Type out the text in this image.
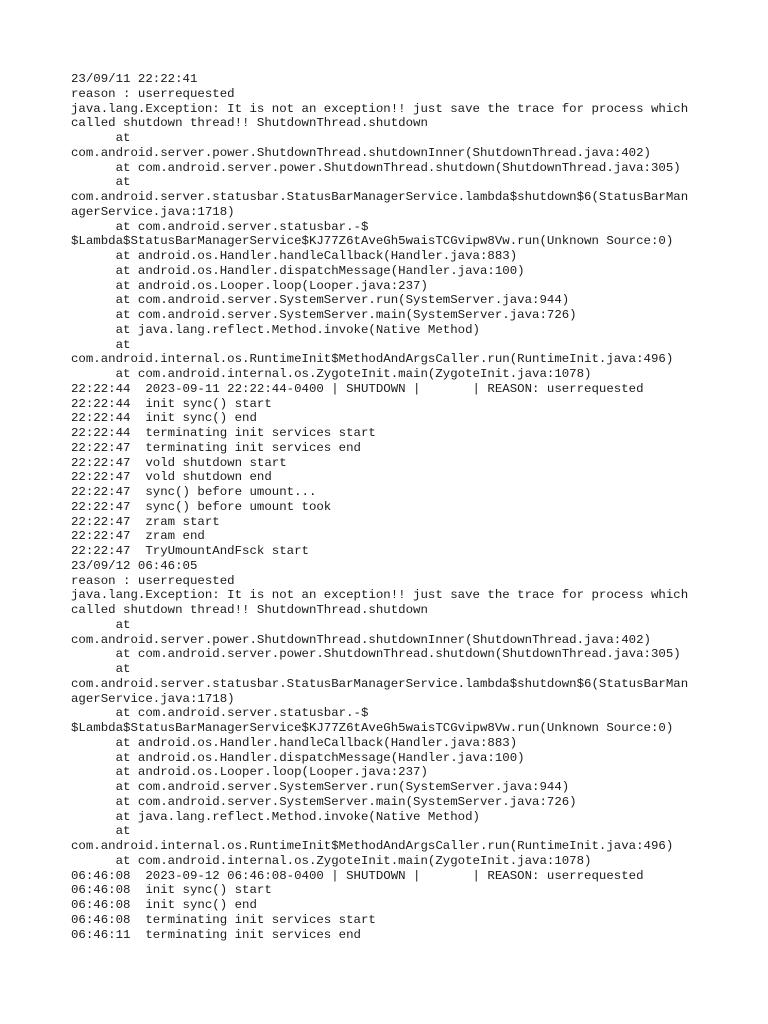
23/09/11 22:22:41
reason : userrequested
java.lang.Exception: It is not an exception!! just save the trace for process which
called shutdown thread!! ShutdownThread.shutdown
at
com.android.server.power.ShutdownThread.shutdownInner(ShutdownThread.java:402)
at com.android.server.power.ShutdownThread.shutdown(ShutdownThread.java:305)
at
com.android.server.statusbar.StatusBarManagerService.lambda$shutdown$6(StatusBarMan
agerService.java:1718)
at com.android.server.statusbar.-$
$Lambda$StatusBarManagerService$KJ77Z6tAveGh5waisTCGvipw8Vw.run(Unknown Source:0)
at android.os.Handler.handleCallback(Handler.java:883)
at android.os.Handler.dispatchMessage(Handler.java:100)
at android.os.Looper.loop(Looper.java:237)
at com.android.server.SystemServer.run(SystemServer.java:944)
at com.android.server.SystemServer.main(SystemServer.java:726)
at java.lang.reflect.Method.invoke(Native Method)
at
com.android.internal.os.RuntimeInit$MethodAndArgsCaller.run(RuntimeInit.java:496)
at com.android.internal.os.ZygoteInit.main(ZygoteInit.java:1078)
22:22:44  2023-09-11 22:22:44-0400 | SHUTDOWN |       | REASON: userrequested
22:22:44  init sync() start
22:22:44  init sync() end
22:22:44  terminating init services start
22:22:47  terminating init services end
22:22:47  vold shutdown start
22:22:47  vold shutdown end
22:22:47  sync() before umount...
22:22:47  sync() before umount took
22:22:47  zram start
22:22:47  zram end
22:22:47  TryUmountAndFsck start
23/09/12 06:46:05
reason : userrequested
java.lang.Exception: It is not an exception!! just save the trace for process which
called shutdown thread!! ShutdownThread.shutdown
at
com.android.server.power.ShutdownThread.shutdownInner(ShutdownThread.java:402)
at com.android.server.power.ShutdownThread.shutdown(ShutdownThread.java:305)
at
com.android.server.statusbar.StatusBarManagerService.lambda$shutdown$6(StatusBarMan
agerService.java:1718)
at com.android.server.statusbar.-$
$Lambda$StatusBarManagerService$KJ77Z6tAveGh5waisTCGvipw8Vw.run(Unknown Source:0)
at android.os.Handler.handleCallback(Handler.java:883)
at android.os.Handler.dispatchMessage(Handler.java:100)
at android.os.Looper.loop(Looper.java:237)
at com.android.server.SystemServer.run(SystemServer.java:944)
at com.android.server.SystemServer.main(SystemServer.java:726)
at java.lang.reflect.Method.invoke(Native Method)
at
com.android.internal.os.RuntimeInit$MethodAndArgsCaller.run(RuntimeInit.java:496)
at com.android.internal.os.ZygoteInit.main(ZygoteInit.java:1078)
06:46:08  2023-09-12 06:46:08-0400 | SHUTDOWN |       | REASON: userrequested
06:46:08  init sync() start
06:46:08  init sync() end
06:46:08  terminating init services start
06:46:11  terminating init services end
